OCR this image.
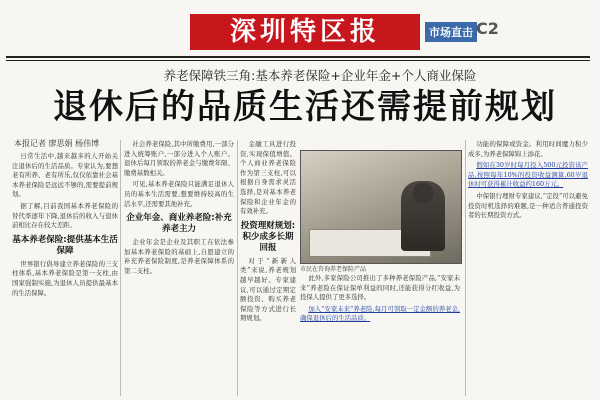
深圳特区报	市场直击 C2
养老保障铁三角:基本养老保险+企业年金+个人商业保险
退休后的品质生活还需提前规划
本报记者 廖思娟 杨伟博

日常生活中,越来越多的人开始关注退休后的生活品质。专家认为,要想老有所养、老有所乐,仅仅依靠社会基本养老保险是远远不够的,需要提前规划。

据了解,目前我国基本养老保险的替代率逐年下降,退休后的收入与退休前相比存在较大差距。

基本养老保险:提供基本生活保障

世界银行倡导建立养老保险的三支柱体系,基本养老保险是第一支柱,由国家强制实施,为退休人员提供最基本的生活保障。

社会养老保险,其中所缴费用,一部分进入统筹账户,一部分进入个人账户。退休后每月领取的养老金与缴费年限、缴费基数相关。

可见,基本养老保险只能满足退休人员的基本生活需要,想要维持较高的生活水平,还需要其他补充。

企业年金、商业养老险:补充养老主力

企业年金是企业及其职工在依法参加基本养老保险的基础上,自愿建立的补充养老保险制度,是养老保障体系的第二支柱。

金融工具进行投资,实现保值增值。个人商业养老保险作为第三支柱,可以根据自身需求灵活选择,是对基本养老保险和企业年金的有效补充。

投资理财规划:积少成多长期回报

对于“新新人类”来说,养老规划越早越好。专家建议,可以通过定期定额投资、购买养老保险等方式进行长期规划。

市民在咨询养老保险产品

此外,多家保险公司推出了多种养老保险产品,“安家未来”养老险在保证保单利益的同时,还能获得分红收益,为投保人提供了更多选择。

加入“安家未来”养老险,每月可领取一定金额的养老金,确保退休后的生活品质。

功能的保障或资金。利用时间魔力积少成多,为养老保障锦上添花。

假如在30岁时每月投入500元投资该产品,按照每年10%的投资收益测算,60岁退休时可获得累计收益约160万元。

中保银行理财专家建议,“定投”可以避免投资时机选择的难题,是一种适合普通投资者的长期投资方式。
